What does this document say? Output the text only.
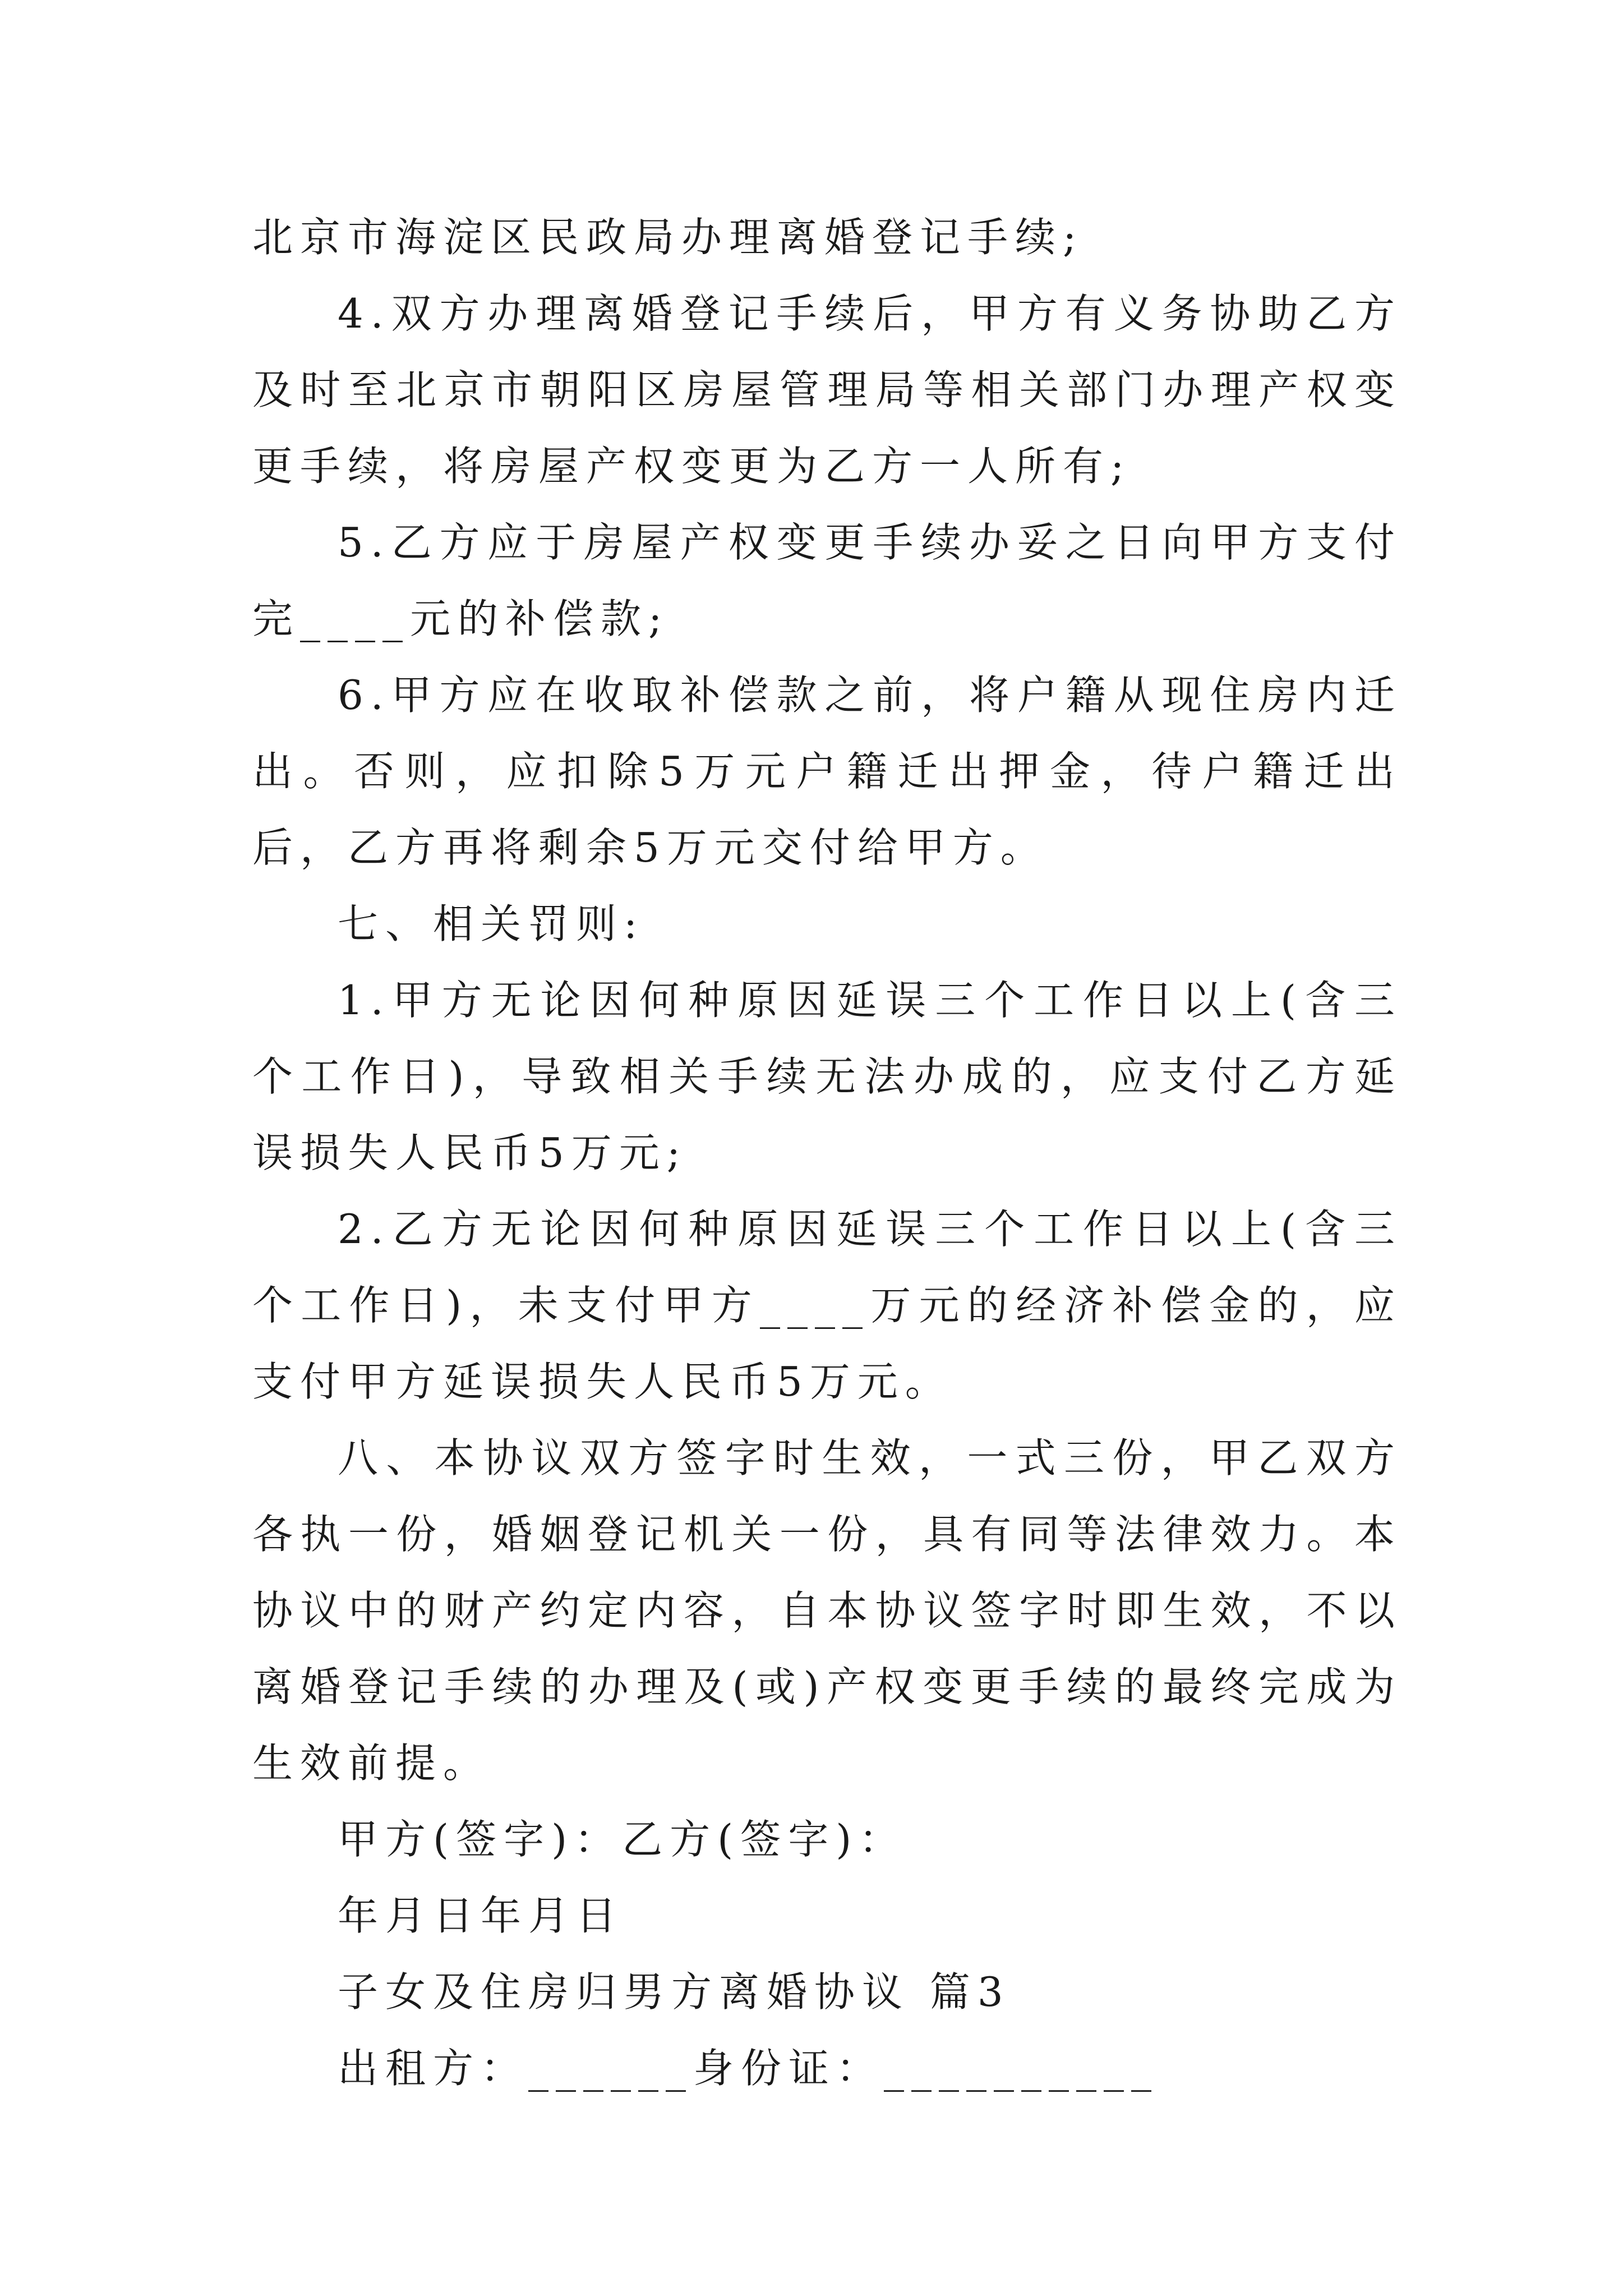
北京市海淀区民政局办理离婚登记手续;

4.双方办理离婚登记手续后，甲方有义务协助乙方及时至北京市朝阳区房屋管理局等相关部门办理产权变更手续，将房屋产权变更为乙方一人所有;

5.乙方应于房屋产权变更手续办妥之日向甲方支付完____元的补偿款;

6.甲方应在收取补偿款之前，将户籍从现住房内迁出。否则，应扣除5万元户籍迁出押金，待户籍迁出后，乙方再将剩余5万元交付给甲方。

七、相关罚则:

1.甲方无论因何种原因延误三个工作日以上(含三个工作日)，导致相关手续无法办成的，应支付乙方延误损失人民币5万元;

2.乙方无论因何种原因延误三个工作日以上(含三个工作日)，未支付甲方____万元的经济补偿金的，应支付甲方延误损失人民币5万元。

八、本协议双方签字时生效，一式三份，甲乙双方各执一份，婚姻登记机关一份，具有同等法律效力。本协议中的财产约定内容，自本协议签字时即生效，不以离婚登记手续的办理及(或)产权变更手续的最终完成为生效前提。

甲方(签字)：乙方(签字)：

年月日年月日

子女及住房归男方离婚协议 篇3

出租方：______身份证：__________
